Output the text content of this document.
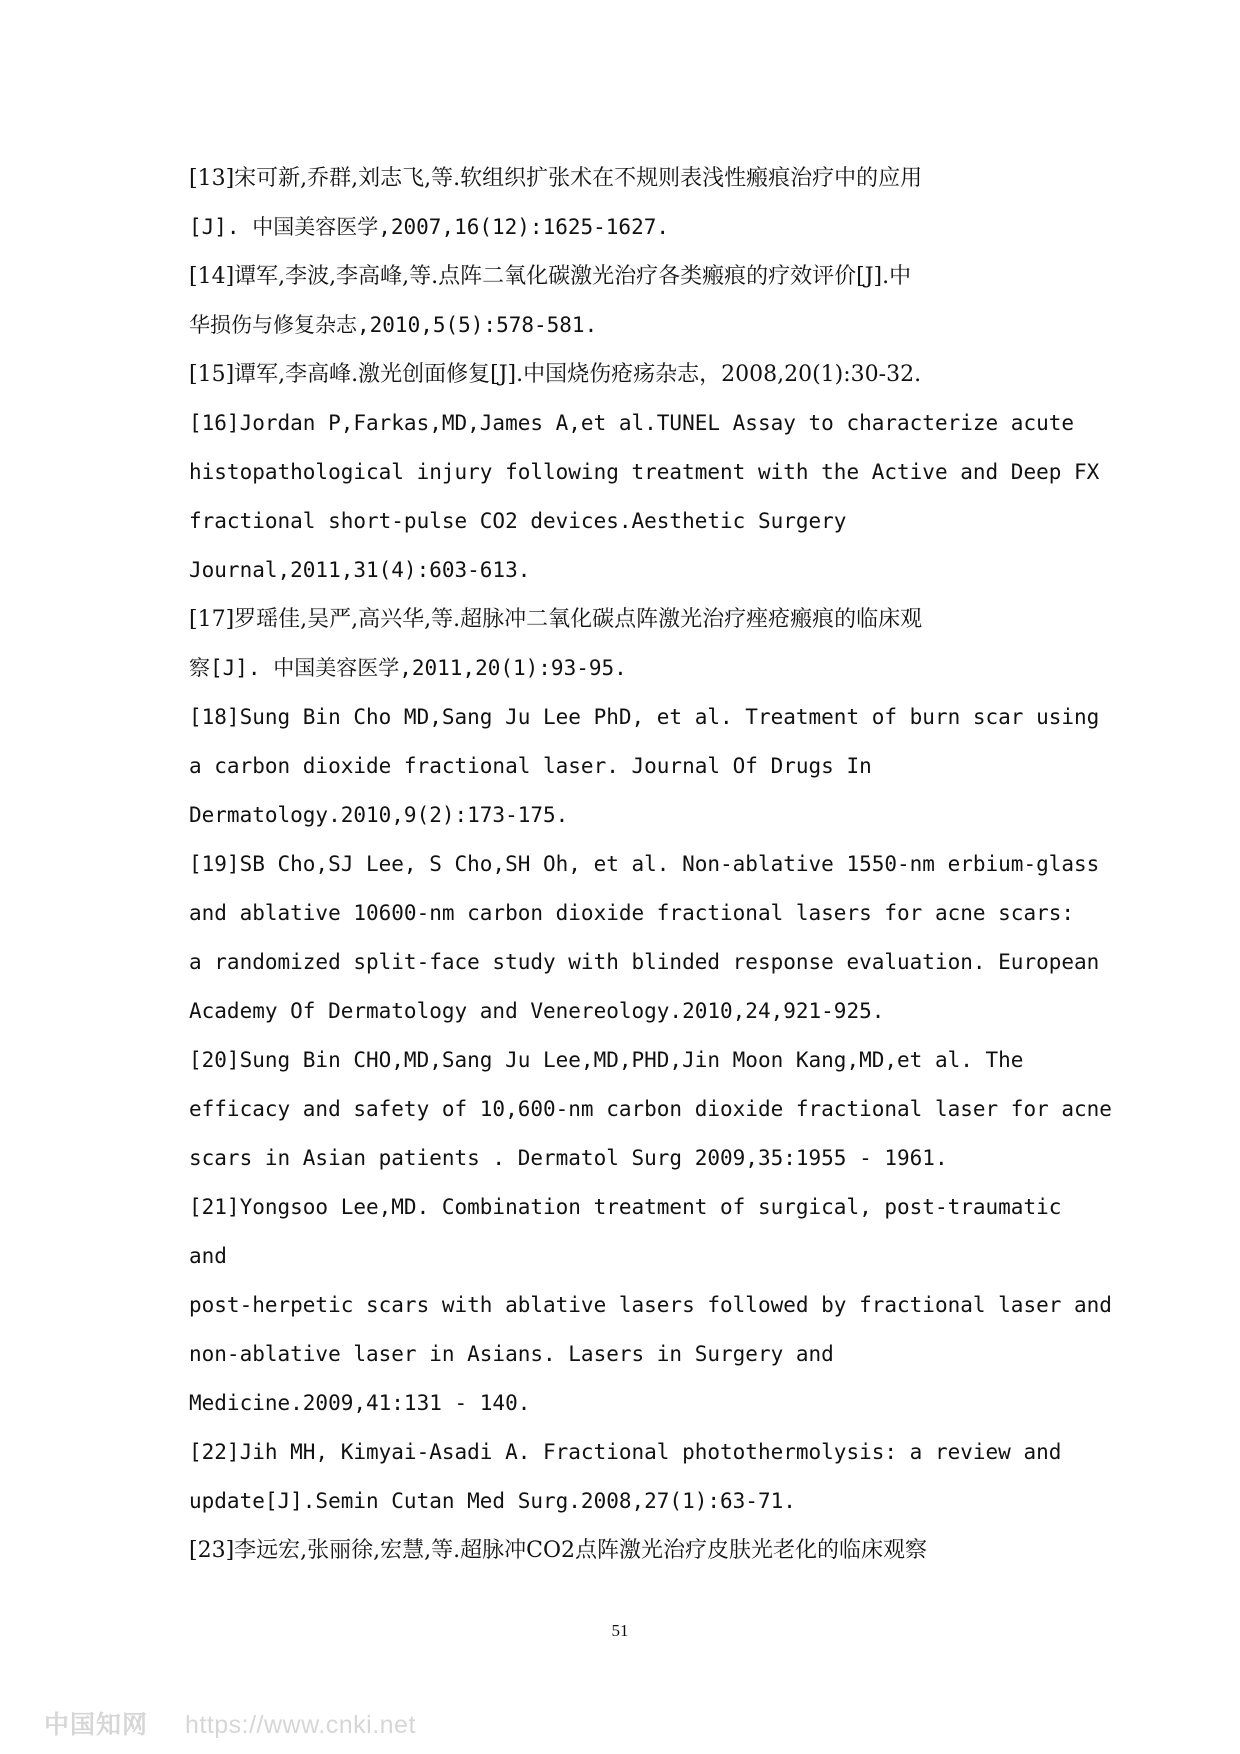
[13]宋可新,乔群,刘志飞,等.软组织扩张术在不规则表浅性瘢痕治疗中的应用
[J]. 中国美容医学,2007,16(12):1625-1627.
[14]谭军,李波,李高峰,等.点阵二氧化碳激光治疗各类瘢痕的疗效评价[J].中
华损伤与修复杂志,2010,5(5):578-581.
[15]谭军,李高峰.激光创面修复[J].中国烧伤疮疡杂志，2008,20(1):30-32.
[16]Jordan P,Farkas,MD,James A,et al.TUNEL Assay to characterize acute
histopathological injury following treatment with the Active and Deep FX
fractional short-pulse CO2 devices.Aesthetic Surgery
Journal,2011,31(4):603-613.
[17]罗瑶佳,吴严,高兴华,等.超脉冲二氧化碳点阵激光治疗痤疮瘢痕的临床观
察[J]. 中国美容医学,2011,20(1):93-95.
[18]Sung Bin Cho MD,Sang Ju Lee PhD, et al. Treatment of burn scar using
a carbon dioxide fractional laser. Journal Of Drugs In
Dermatology.2010,9(2):173-175.
[19]SB Cho,SJ Lee, S Cho,SH Oh, et al. Non-ablative 1550-nm erbium-glass
and ablative 10600-nm carbon dioxide fractional lasers for acne scars:
a randomized split-face study with blinded response evaluation. European
Academy Of Dermatology and Venereology.2010,24,921-925.
[20]Sung Bin CHO,MD,Sang Ju Lee,MD,PHD,Jin Moon Kang,MD,et al. The
efficacy and safety of 10,600-nm carbon dioxide fractional laser for acne
scars in Asian patients . Dermatol Surg 2009,35:1955 - 1961.
[21]Yongsoo Lee,MD. Combination treatment of surgical, post-traumatic
and
post-herpetic scars with ablative lasers followed by fractional laser and
non-ablative laser in Asians. Lasers in Surgery and
Medicine.2009,41:131 - 140.
[22]Jih MH, Kimyai-Asadi A. Fractional photothermolysis: a review and
update[J].Semin Cutan Med Surg.2008,27(1):63-71.
[23]李远宏,张丽徐,宏慧,等.超脉冲CO2点阵激光治疗皮肤光老化的临床观察
51
中国知网 https://www.cnki.net
